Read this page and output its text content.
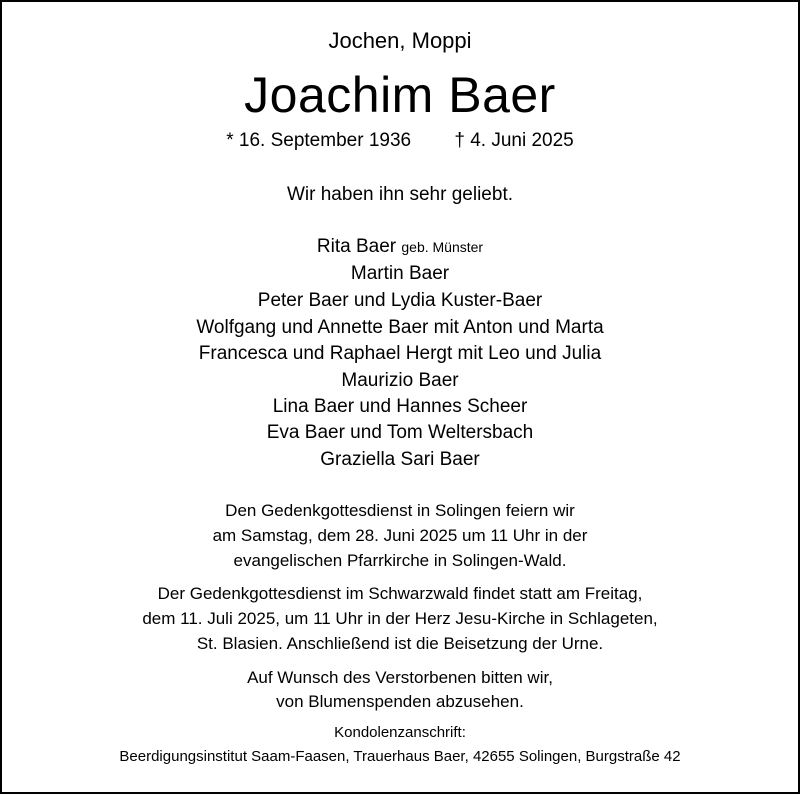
Jochen, Moppi
Joachim Baer
* 16. September 1936 † 4. Juni 2025
Wir haben ihn sehr geliebt.
Rita Baer geb. Münster
Martin Baer
Peter Baer und Lydia Kuster-Baer
Wolfgang und Annette Baer mit Anton und Marta
Francesca und Raphael Hergt mit Leo und Julia
Maurizio Baer
Lina Baer und Hannes Scheer
Eva Baer und Tom Weltersbach
Graziella Sari Baer
Den Gedenkgottesdienst in Solingen feiern wir
am Samstag, dem 28. Juni 2025 um 11 Uhr in der
evangelischen Pfarrkirche in Solingen-Wald.
Der Gedenkgottesdienst im Schwarzwald findet statt am Freitag,
dem 11. Juli 2025, um 11 Uhr in der Herz Jesu-Kirche in Schlageten,
St. Blasien. Anschließend ist die Beisetzung der Urne.
Auf Wunsch des Verstorbenen bitten wir,
von Blumenspenden abzusehen.
Kondolenzanschrift:
Beerdigungsinstitut Saam-Faasen, Trauerhaus Baer, 42655 Solingen, Burgstraße 42
